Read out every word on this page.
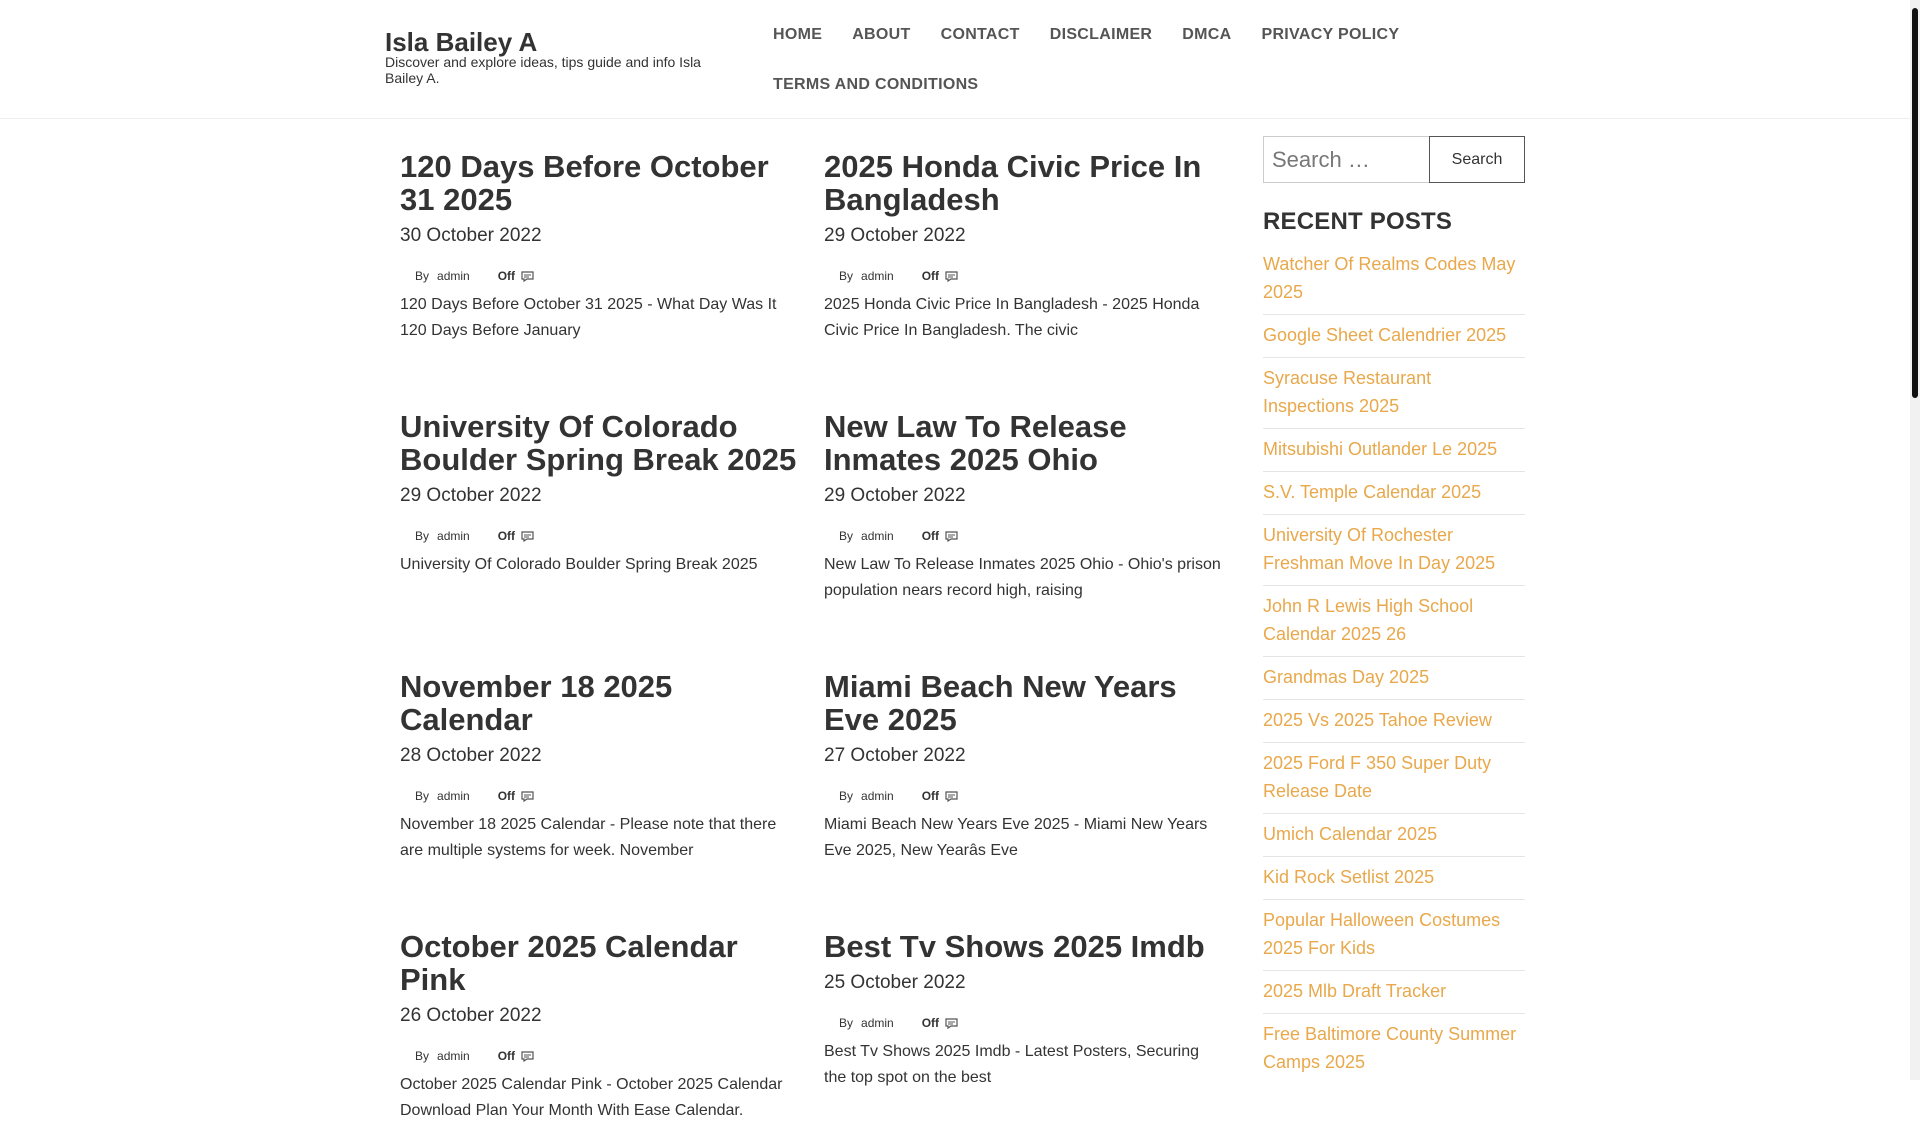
Isla Bailey A
Discover and explore ideas, tips guide and info Isla Bailey A.
HOME	ABOUT	CONTACT	DISCLAIMER	DMCA	PRIVACY POLICY
TERMS AND CONDITIONS
120 Days Before October 31 2025
30 October 2022
By admin Off

120 Days Before October 31 2025 - What Day Was It 120 Days Before January

2025 Honda Civic Price In Bangladesh
29 October 2022
By admin Off

2025 Honda Civic Price In Bangladesh - 2025 Honda Civic Price In Bangladesh. The civic

University Of Colorado Boulder Spring Break 2025
29 October 2022
By admin Off

University Of Colorado Boulder Spring Break 2025

New Law To Release Inmates 2025 Ohio
29 October 2022
By admin Off

New Law To Release Inmates 2025 Ohio - Ohio's prison population nears record high, raising

November 18 2025 Calendar
28 October 2022
By admin Off

November 18 2025 Calendar - Please note that there are multiple systems for week. November

Miami Beach New Years Eve 2025
27 October 2022
By admin Off

Miami Beach New Years Eve 2025 - Miami New Years Eve 2025, New Yearâs Eve

October 2025 Calendar Pink
26 October 2022
By admin Off

October 2025 Calendar Pink - October 2025 Calendar Download Plan Your Month With Ease Calendar.

Best Tv Shows 2025 Imdb
25 October 2022
By admin Off

Best Tv Shows 2025 Imdb - Latest Posters, Securing the top spot on the best

Search …
Search
RECENT POSTS
Watcher Of Realms Codes May 2025
Google Sheet Calendrier 2025
Syracuse Restaurant Inspections 2025
Mitsubishi Outlander Le 2025
S.V. Temple Calendar 2025
University Of Rochester Freshman Move In Day 2025
John R Lewis High School Calendar 2025 26
Grandmas Day 2025
2025 Vs 2025 Tahoe Review
2025 Ford F 350 Super Duty Release Date
Umich Calendar 2025
Kid Rock Setlist 2025
Popular Halloween Costumes 2025 For Kids
2025 Mlb Draft Tracker
Free Baltimore County Summer Camps 2025
